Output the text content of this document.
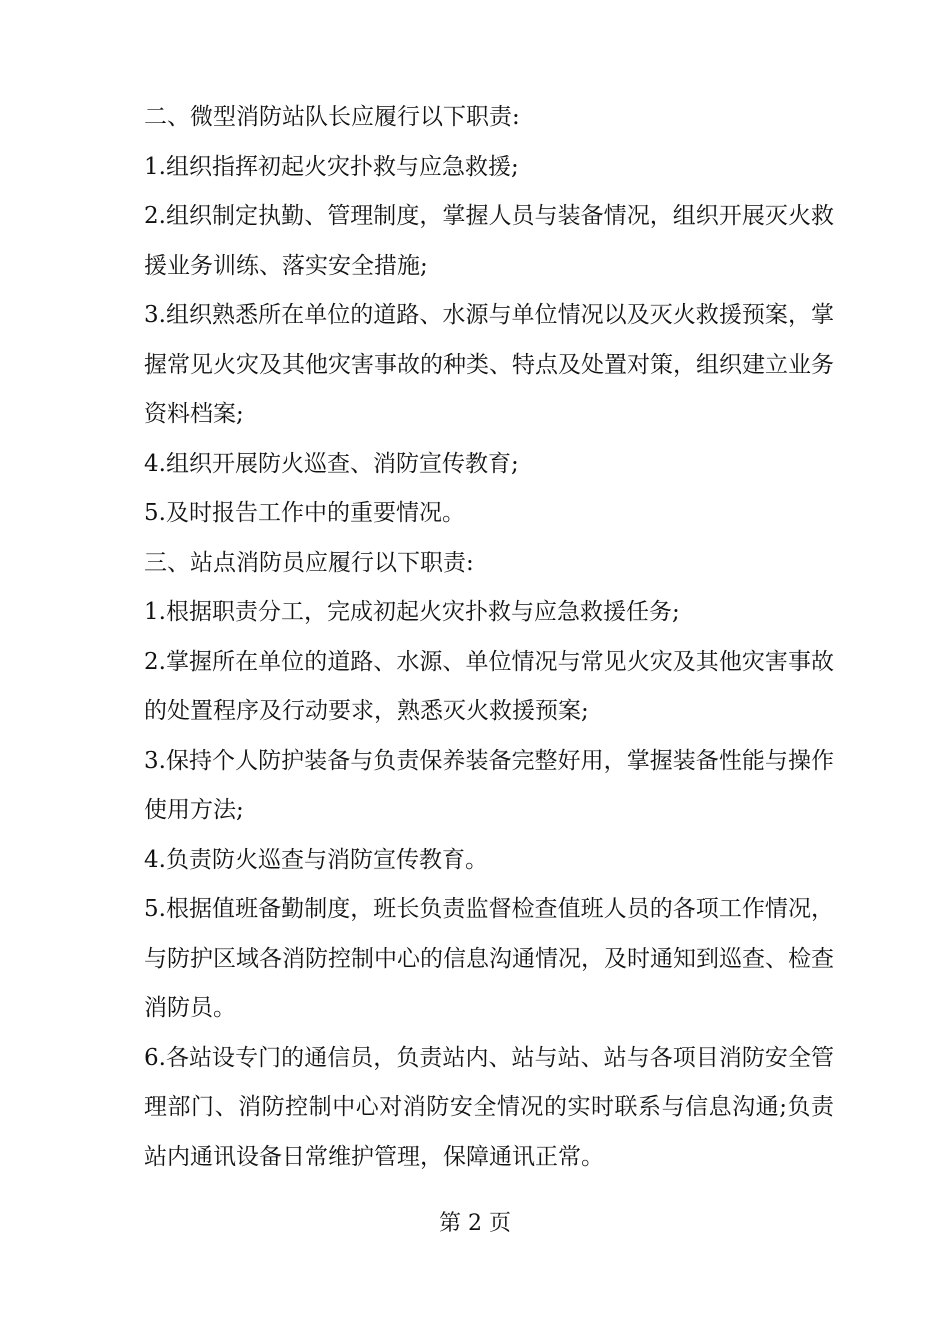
二、微型消防站队长应履行以下职责:

1.组织指挥初起火灾扑救与应急救援;

2.组织制定执勤、管理制度，掌握人员与装备情况，组织开展灭火救援业务训练、落实安全措施;

3.组织熟悉所在单位的道路、水源与单位情况以及灭火救援预案，掌握常见火灾及其他灾害事故的种类、特点及处置对策，组织建立业务资料档案;

4.组织开展防火巡查、消防宣传教育;

5.及时报告工作中的重要情况。

三、站点消防员应履行以下职责:

1.根据职责分工，完成初起火灾扑救与应急救援任务;

2.掌握所在单位的道路、水源、单位情况与常见火灾及其他灾害事故的处置程序及行动要求，熟悉灭火救援预案;

3.保持个人防护装备与负责保养装备完整好用，掌握装备性能与操作使用方法;

4.负责防火巡查与消防宣传教育。

5.根据值班备勤制度，班长负责监督检查值班人员的各项工作情况，与防护区域各消防控制中心的信息沟通情况，及时通知到巡查、检查消防员。

6.各站设专门的通信员，负责站内、站与站、站与各项目消防安全管理部门、消防控制中心对消防安全情况的实时联系与信息沟通;负责站内通讯设备日常维护管理，保障通讯正常。

第 2 页
